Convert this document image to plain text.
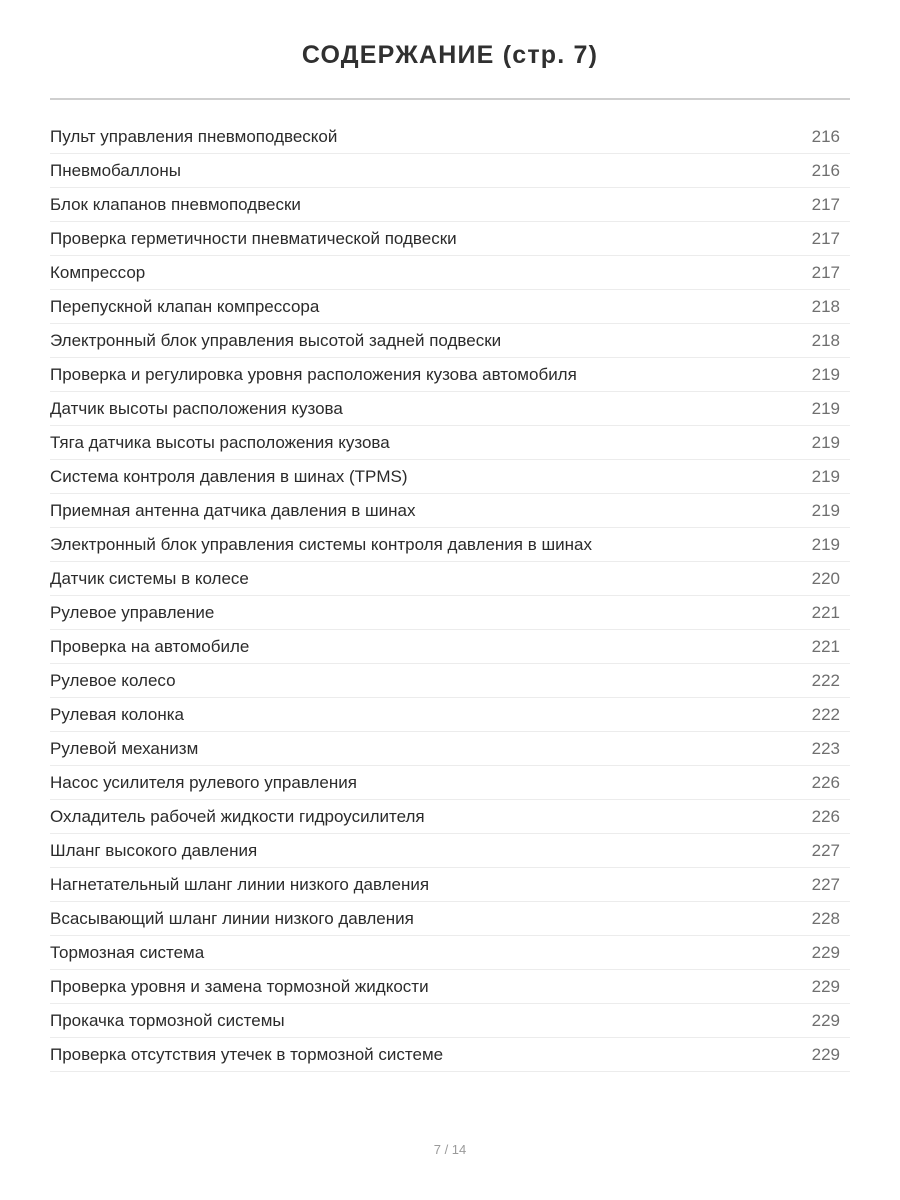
СОДЕРЖАНИЕ (стр. 7)
Пульт управления пневмоподвеской	216
Пневмобаллоны	216
Блок клапанов пневмоподвески	217
Проверка герметичности пневматической подвески	217
Компрессор	217
Перепускной клапан компрессора	218
Электронный блок управления высотой задней подвески	218
Проверка и регулировка уровня расположения кузова автомобиля	219
Датчик высоты расположения кузова	219
Тяга датчика высоты расположения кузова	219
Система контроля давления в шинах (TPMS)	219
Приемная антенна датчика давления в шинах	219
Электронный блок управления системы контроля давления в шинах	219
Датчик системы в колесе	220
Рулевое управление	221
Проверка на автомобиле	221
Рулевое колесо	222
Рулевая колонка	222
Рулевой механизм	223
Насос усилителя рулевого управления	226
Охладитель рабочей жидкости гидроусилителя	226
Шланг высокого давления	227
Нагнетательный шланг линии низкого давления	227
Всасывающий шланг линии низкого давления	228
Тормозная система	229
Проверка уровня и замена тормозной жидкости	229
Прокачка тормозной системы	229
Проверка отсутствия утечек в тормозной системе	229
7 / 14
